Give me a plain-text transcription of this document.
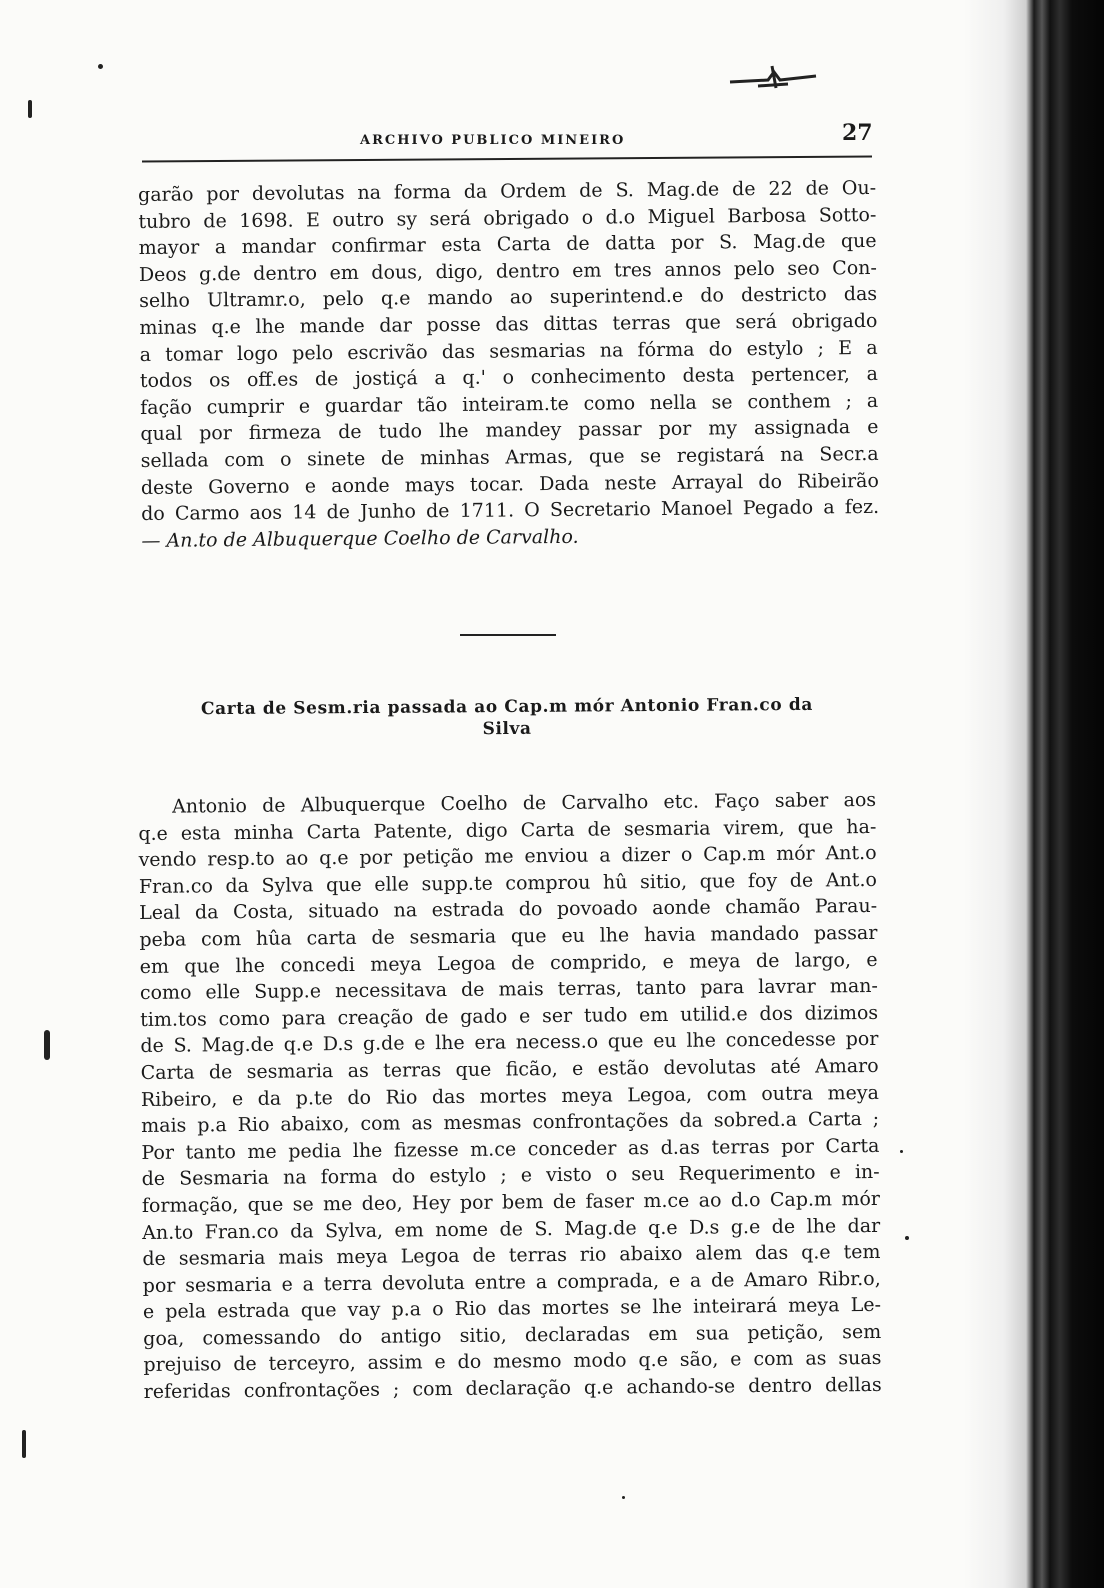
ARCHIVO PUBLICO MINEIRO	27
garão por devolutas na forma da Ordem de S. Mag.de de 22 de Ou-
tubro de 1698. E outro sy será obrigado o d.o Miguel Barbosa Sotto-
mayor a mandar confirmar esta Carta de datta por S. Mag.de que
Deos g.de dentro em dous, digo, dentro em tres annos pelo seo Con-
selho Ultramr.o, pelo q.e mando ao superintend.e do destricto das
minas q.e lhe mande dar posse das dittas terras que será obrigado
a tomar logo pelo escrivão das sesmarias na fórma do estylo ; E a
todos os off.es de jostiçá a q.' o conhecimento desta pertencer, a
fação cumprir e guardar tão inteiram.te como nella se conthem ; a
qual por firmeza de tudo lhe mandey passar por my assignada e
sellada com o sinete de minhas Armas, que se registará na Secr.a
deste Governo e aonde mays tocar. Dada neste Arrayal do Ribeirão
do Carmo aos 14 de Junho de 1711. O Secretario Manoel Pegado a fez.
— An.to de Albuquerque Coelho de Carvalho.
Carta de Sesm.ria passada ao Cap.m mór Antonio Fran.co da
Silva
Antonio de Albuquerque Coelho de Carvalho etc. Faço saber aos
q.e esta minha Carta Patente, digo Carta de sesmaria virem, que ha-
vendo resp.to ao q.e por petição me enviou a dizer o Cap.m mór Ant.o
Fran.co da Sylva que elle supp.te comprou hû sitio, que foy de Ant.o
Leal da Costa, situado na estrada do povoado aonde chamão Parau-
peba com hûa carta de sesmaria que eu lhe havia mandado passar
em que lhe concedi meya Legoa de comprido, e meya de largo, e
como elle Supp.e necessitava de mais terras, tanto para lavrar man-
tim.tos como para creação de gado e ser tudo em utilid.e dos dizimos
de S. Mag.de q.e D.s g.de e lhe era necess.o que eu lhe concedesse por
Carta de sesmaria as terras que ficão, e estão devolutas até Amaro
Ribeiro, e da p.te do Rio das mortes meya Legoa, com outra meya
mais p.a Rio abaixo, com as mesmas confrontações da sobred.a Carta ;
Por tanto me pedia lhe fizesse m.ce conceder as d.as terras por Carta
de Sesmaria na forma do estylo ; e visto o seu Requerimento e in-
formação, que se me deo, Hey por bem de faser m.ce ao d.o Cap.m mór
An.to Fran.co da Sylva, em nome de S. Mag.de q.e D.s g.e de lhe dar
de sesmaria mais meya Legoa de terras rio abaixo alem das q.e tem
por sesmaria e a terra devoluta entre a comprada, e a de Amaro Ribr.o,
e pela estrada que vay p.a o Rio das mortes se lhe inteirará meya Le-
goa, comessando do antigo sitio, declaradas em sua petição, sem
prejuiso de terceyro, assim e do mesmo modo q.e são, e com as suas
referidas confrontações ; com declaração q.e achando-se dentro dellas
